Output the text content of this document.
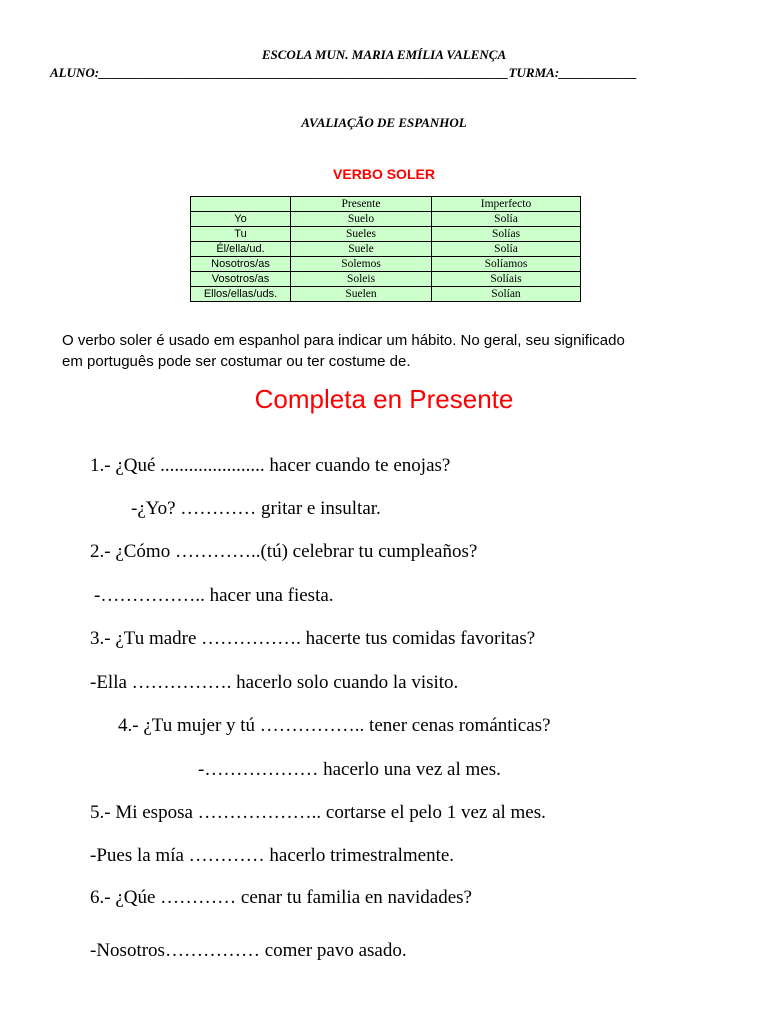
ESCOLA MUN. MARIA EMÍLIA VALENÇA
ALUNO:_______________________________________________________________TURMA:____________
AVALIAÇÃO DE ESPANHOL
VERBO SOLER
	Presente	Imperfecto
Yo	Suelo	Solía
Tu	Sueles	Solías
Él/ella/ud.	Suele	Solía
Nosotros/as	Solemos	Solíamos
Vosotros/as	Soleis	Solíais
Ellos/ellas/uds.	Suelen	Solían
O verbo soler é usado em espanhol para indicar um hábito. No geral, seu significado
em português pode ser costumar ou ter costume de.
Completa en Presente
1.- ¿Qué ...................... hacer cuando te enojas?
-¿Yo? ………… gritar e insultar.
2.- ¿Cómo …………..(tú) celebrar tu cumpleaños?
-…………….. hacer una fiesta.
3.- ¿Tu madre ……………. hacerte tus comidas favoritas?
-Ella ……………. hacerlo solo cuando la visito.
4.- ¿Tu mujer y tú …………….. tener cenas románticas?
-……………… hacerlo una vez al mes.
5.- Mi esposa ……………….. cortarse el pelo 1 vez al mes.
-Pues la mía ………… hacerlo trimestralmente.
6.- ¿Qúe ………… cenar tu familia en navidades?
-Nosotros…………… comer pavo asado.
